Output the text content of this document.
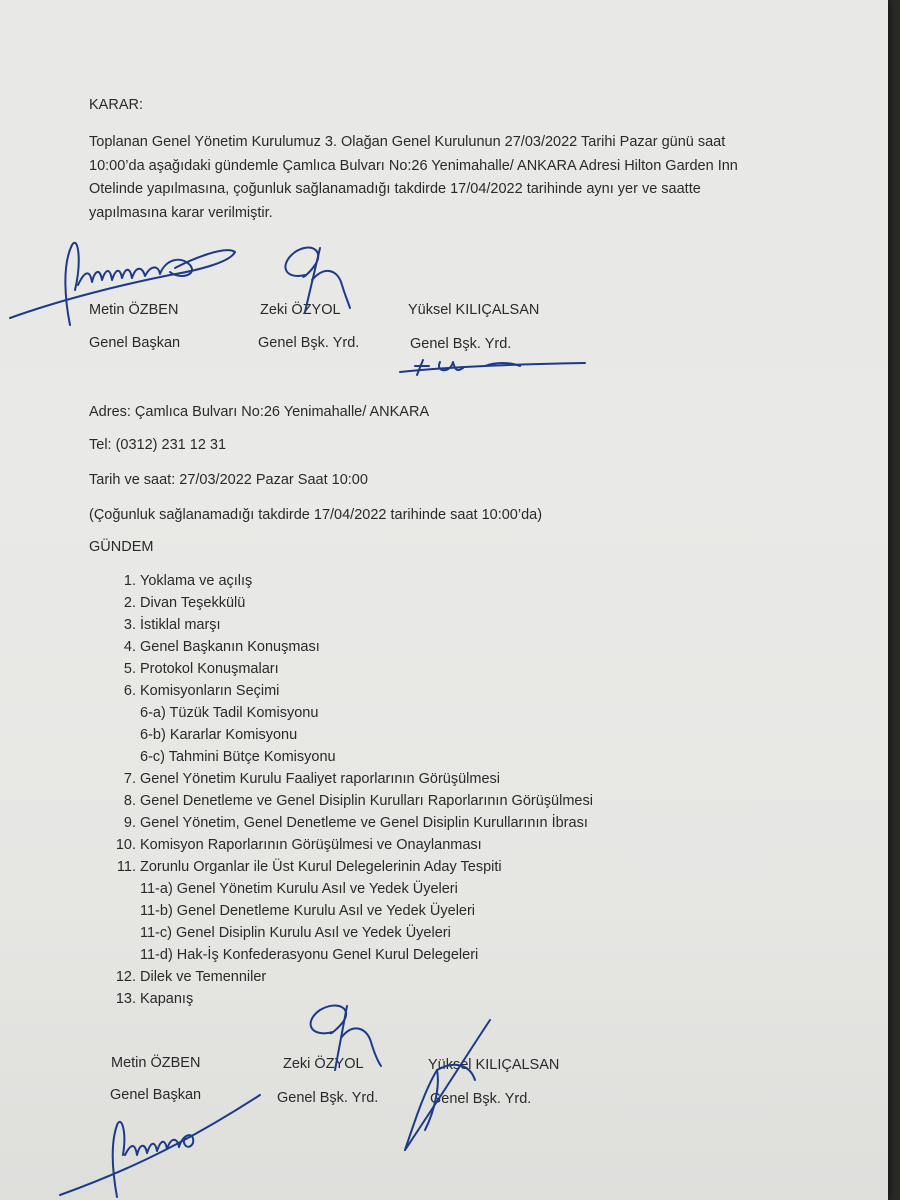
KARAR:
Toplanan Genel Yönetim Kurulumuz 3. Olağan Genel Kurulunun 27/03/2022 Tarihi Pazar günü saat
10:00’da aşağıdaki gündemle Çamlıca Bulvarı No:26 Yenimahalle/ ANKARA Adresi Hilton Garden Inn
Otelinde yapılmasına, çoğunluk sağlanamadığı takdirde 17/04/2022 tarihinde aynı yer ve saatte
yapılmasına karar verilmiştir.
Metin ÖZBEN
Genel Başkan
Zeki ÖZYOL
Genel Bşk. Yrd.
Yüksel KILIÇALSAN
Genel Bşk. Yrd.
Adres: Çamlıca Bulvarı No:26 Yenimahalle/ ANKARA
Tel: (0312) 231 12 31
Tarih ve saat: 27/03/2022 Pazar Saat 10:00
(Çoğunluk sağlanamadığı takdirde 17/04/2022 tarihinde saat 10:00’da)
GÜNDEM
1. Yoklama ve açılış
2. Divan Teşekkülü
3. İstiklal marşı
4. Genel Başkanın Konuşması
5. Protokol Konuşmaları
6. Komisyonların Seçimi
6-a) Tüzük Tadil Komisyonu
6-b) Kararlar Komisyonu
6-c) Tahmini Bütçe Komisyonu
7. Genel Yönetim Kurulu Faaliyet raporlarının Görüşülmesi
8. Genel Denetleme ve Genel Disiplin Kurulları Raporlarının Görüşülmesi
9. Genel Yönetim, Genel Denetleme ve Genel Disiplin Kurullarının İbrası
10. Komisyon Raporlarının Görüşülmesi ve Onaylanması
11. Zorunlu Organlar ile Üst Kurul Delegelerinin Aday Tespiti
11-a) Genel Yönetim Kurulu Asıl ve Yedek Üyeleri
11-b) Genel Denetleme Kurulu Asıl ve Yedek Üyeleri
11-c) Genel Disiplin Kurulu Asıl ve Yedek Üyeleri
11-d) Hak-İş Konfederasyonu Genel Kurul Delegeleri
12. Dilek ve Temenniler
13. Kapanış
Metin ÖZBEN
Genel Başkan
Zeki ÖZYOL
Genel Bşk. Yrd.
Yüksel KILIÇALSAN
Genel Bşk. Yrd.
